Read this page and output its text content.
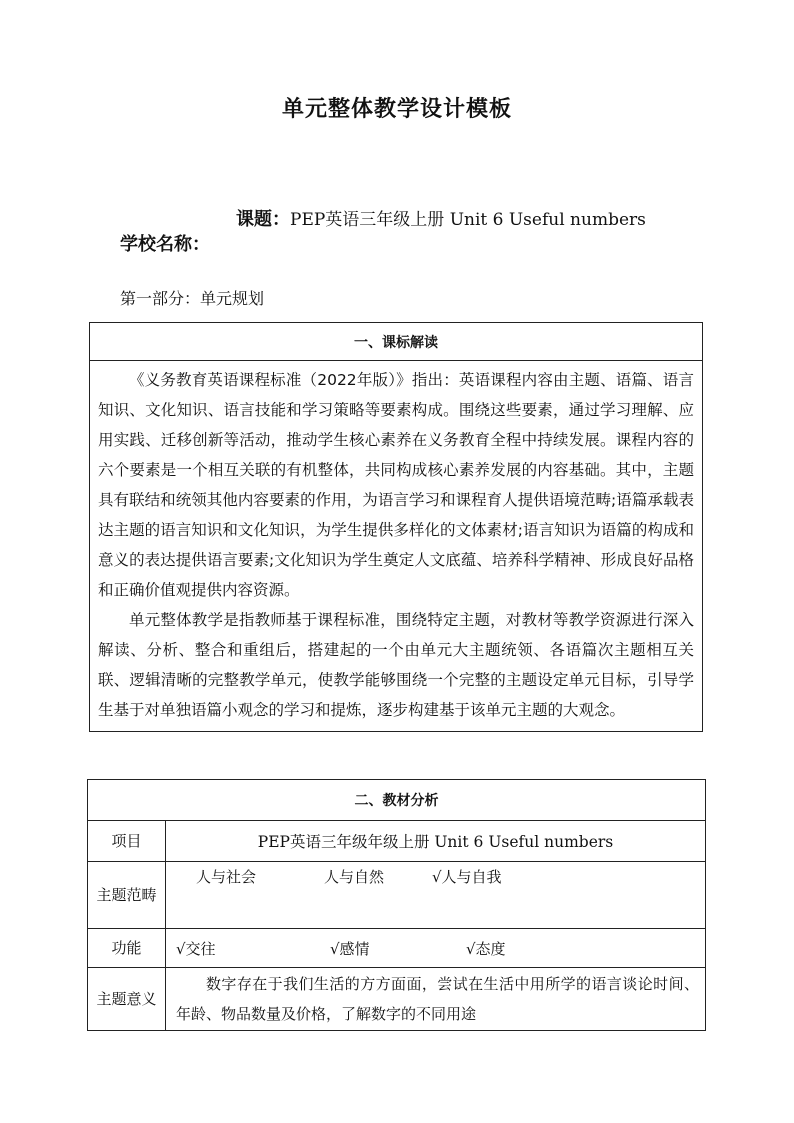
单元整体教学设计模板
课题：PEP英语三年级上册 Unit 6 Useful numbers
学校名称：
第一部分：单元规划
一、课标解读

《义务教育英语课程标准（2022年版）》指出：英语课程内容由主题、语篇、语言知识、文化知识、语言技能和学习策略等要素构成。围绕这些要素，通过学习理解、应用实践、迁移创新等活动，推动学生核心素养在义务教育全程中持续发展。课程内容的六个要素是一个相互关联的有机整体，共同构成核心素养发展的内容基础。其中，主题具有联结和统领其他内容要素的作用，为语言学习和课程育人提供语境范畴;语篇承载表达主题的语言知识和文化知识，为学生提供多样化的文体素材;语言知识为语篇的构成和意义的表达提供语言要素;文化知识为学生奠定人文底蕴、培养科学精神、形成良好品格和正确价值观提供内容资源。

单元整体教学是指教师基于课程标准，围绕特定主题，对教材等教学资源进行深入解读、分析、整合和重组后，搭建起的一个由单元大主题统领、各语篇次主题相互关联、逻辑清晰的完整教学单元，使教学能够围绕一个完整的主题设定单元目标，引导学生基于对单独语篇小观念的学习和提炼，逐步构建基于该单元主题的大观念。

二、教材分析	
项目	PEP英语三年级年级上册 Unit 6 Useful numbers
主题范畴	人与社会 人与自然 √人与自我
功能	√交往 √感情 √态度
主题意义	数字存在于我们生活的方方面面，尝试在生活中用所学的语言谈论时间、年龄、物品数量及价格，了解数字的不同用途
